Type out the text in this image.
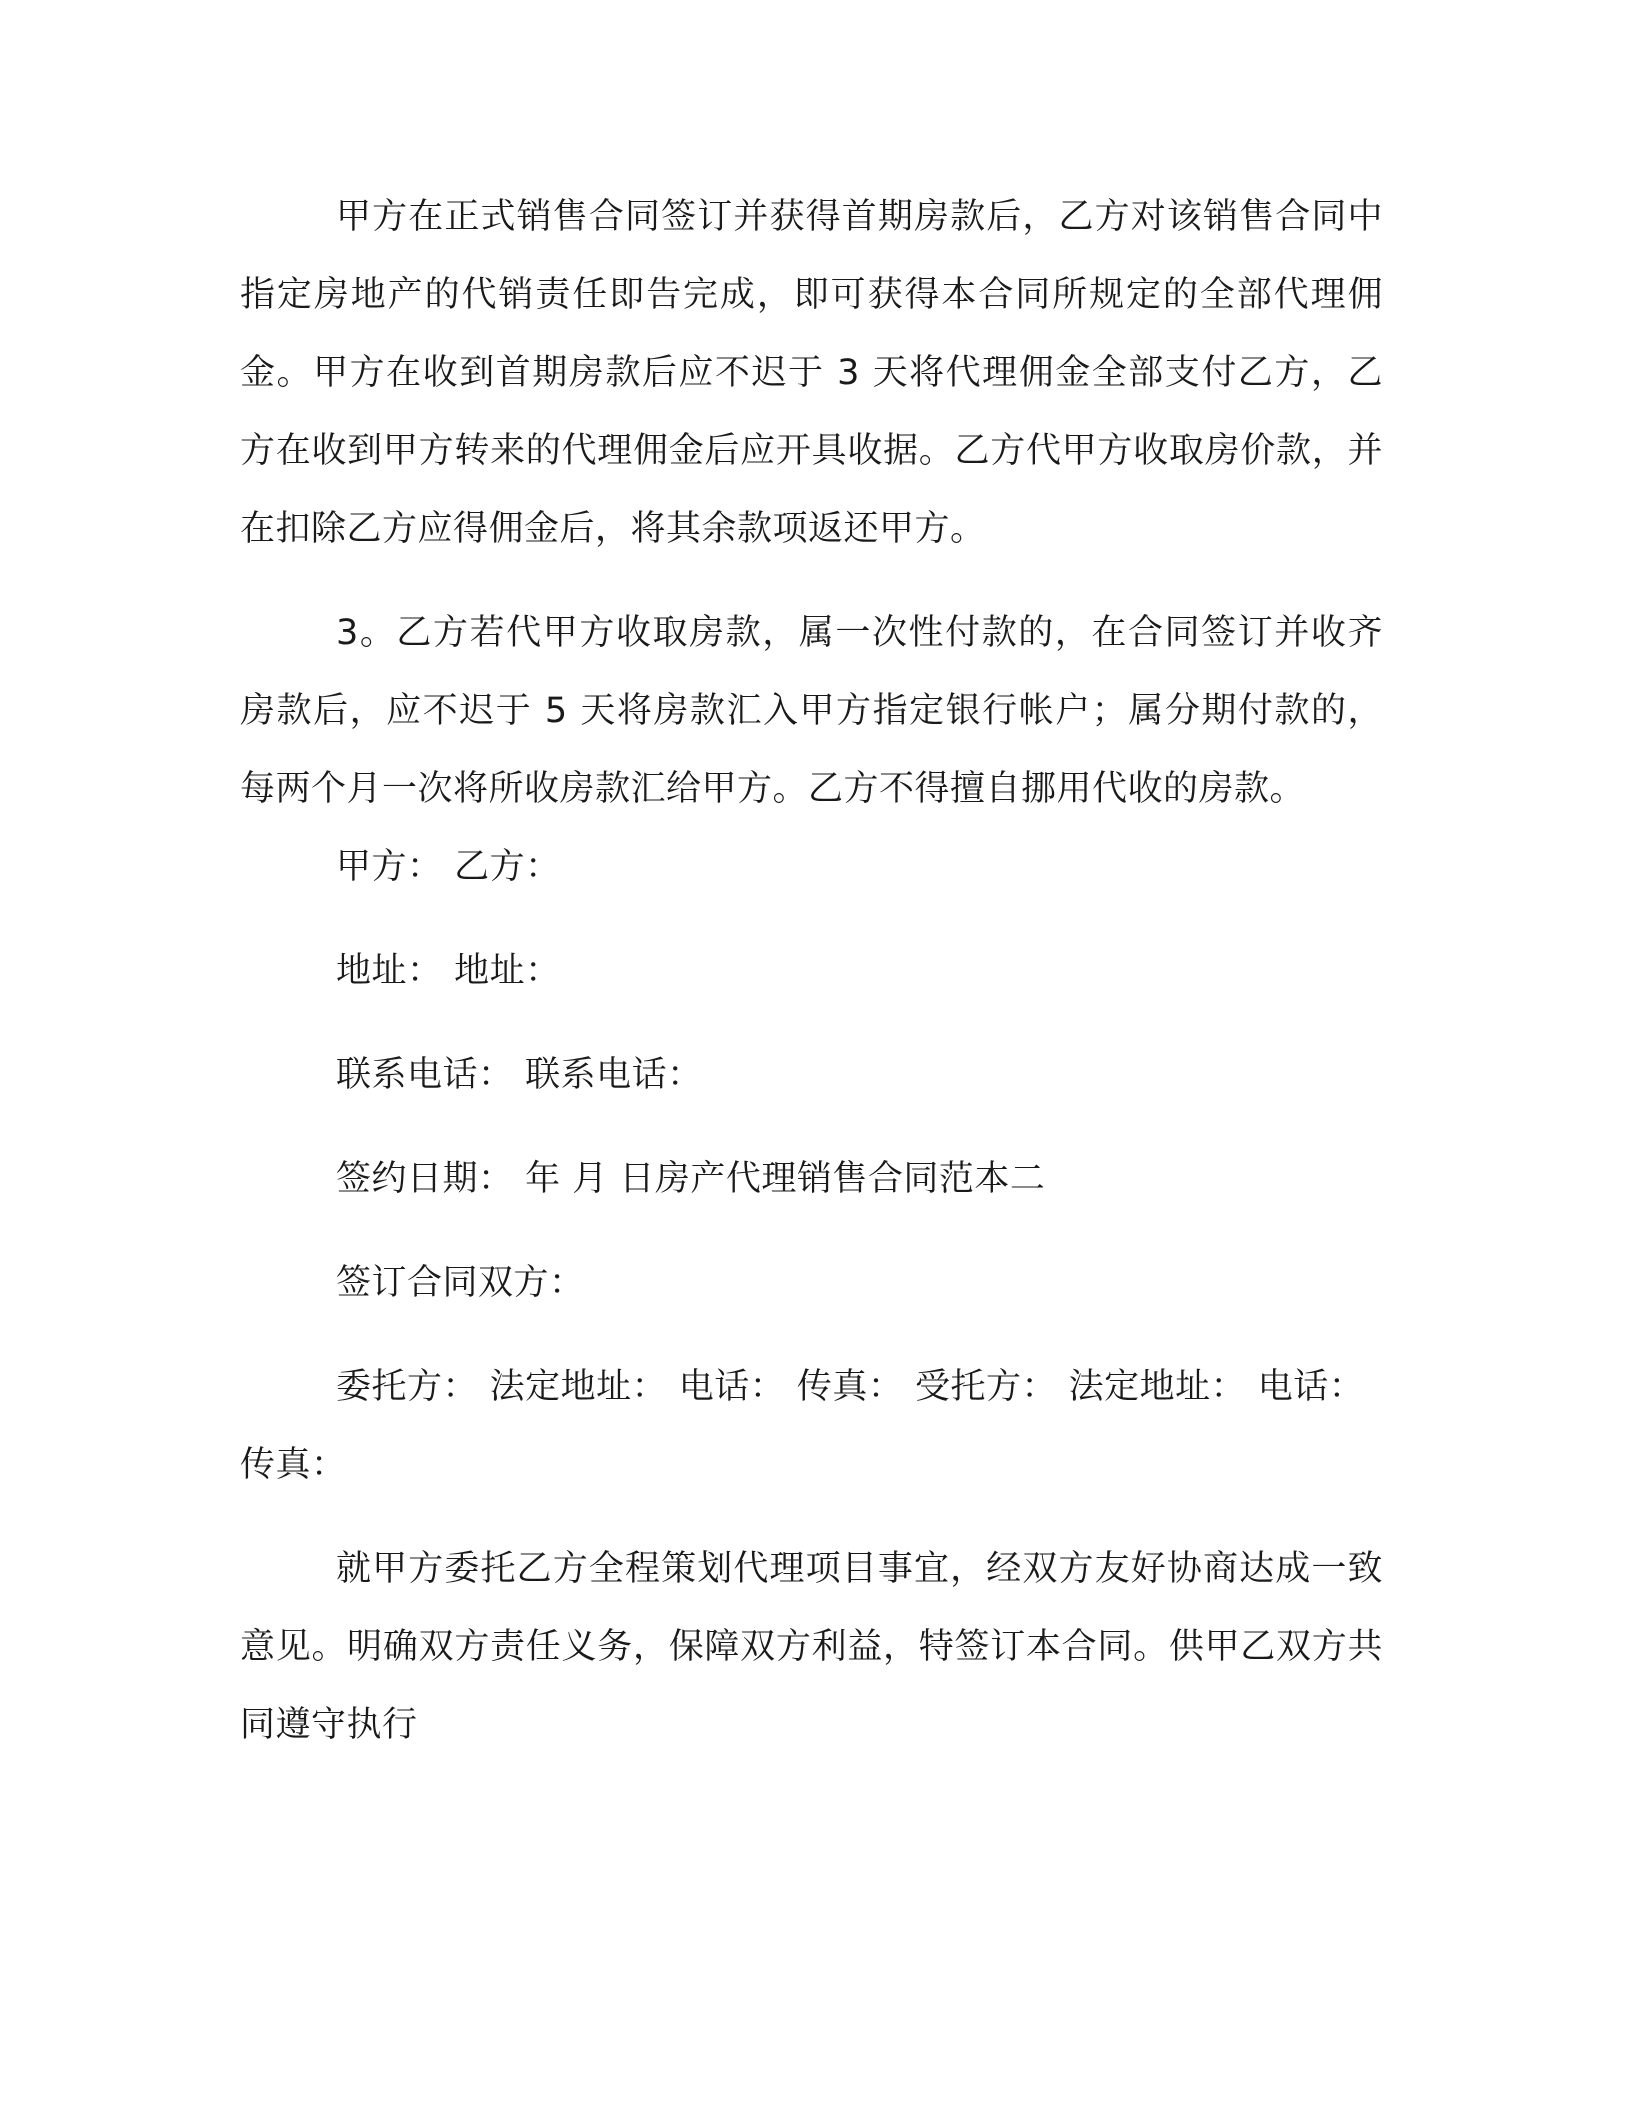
甲方在正式销售合同签订并获得首期房款后，乙方对该销售合同中指定房地产的代销责任即告完成，即可获得本合同所规定的全部代理佣金。甲方在收到首期房款后应不迟于 3 天将代理佣金全部支付乙方，乙方在收到甲方转来的代理佣金后应开具收据。乙方代甲方收取房价款，并在扣除乙方应得佣金后，将其余款项返还甲方。

3。乙方若代甲方收取房款，属一次性付款的，在合同签订并收齐房款后，应不迟于 5 天将房款汇入甲方指定银行帐户；属分期付款的，每两个月一次将所收房款汇给甲方。乙方不得擅自挪用代收的房款。

甲方： 乙方：

地址： 地址：

联系电话： 联系电话：

签约日期： 年 月 日房产代理销售合同范本二

签订合同双方：

委托方： 法定地址： 电话： 传真： 受托方： 法定地址： 电话： 传真：

就甲方委托乙方全程策划代理项目事宜，经双方友好协商达成一致意见。明确双方责任义务，保障双方利益，特签订本合同。供甲乙双方共同遵守执行
